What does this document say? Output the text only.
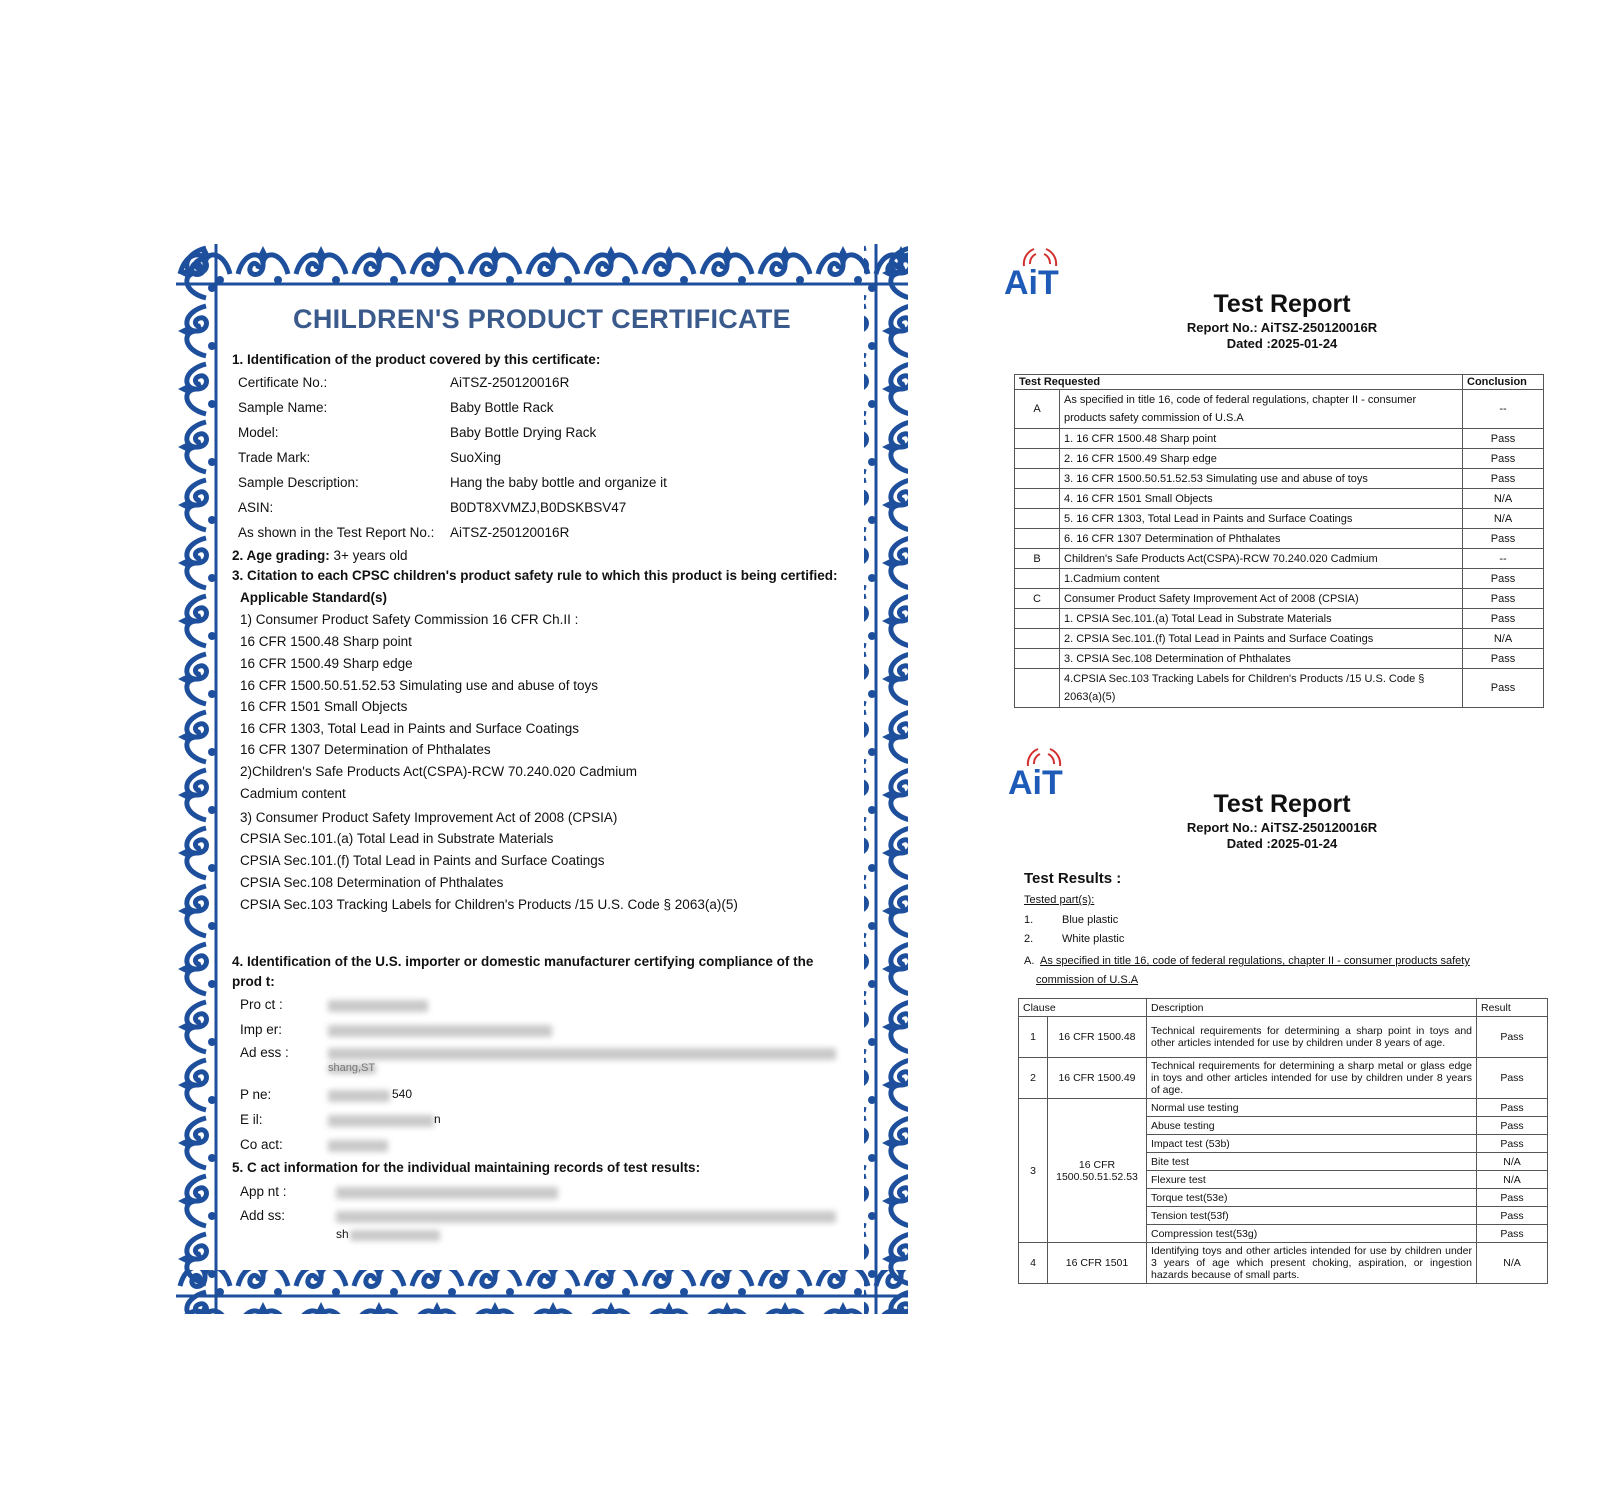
CHILDREN'S PRODUCT CERTIFICATE
1. Identification of the product covered by this certificate:
Certificate No.:	AiTSZ-250120016R
Sample Name:	Baby Bottle Rack
Model:	Baby Bottle Drying Rack
Trade Mark:	SuoXing
Sample Description:	Hang the baby bottle and organize it
ASIN:	B0DT8XVMZJ,B0DSKBSV47
As shown in the Test Report No.: AiTSZ-250120016R
2. Age grading: 3+ years old
3. Citation to each CPSC children's product safety rule to which this product is being certified:
Applicable Standard(s)
1) Consumer Product Safety Commission 16 CFR Ch.II :
16 CFR 1500.48 Sharp point
16 CFR 1500.49 Sharp edge
16 CFR 1500.50.51.52.53 Simulating use and abuse of toys
16 CFR 1501 Small Objects
16 CFR 1303, Total Lead in Paints and Surface Coatings
16 CFR 1307 Determination of Phthalates
2)Children's Safe Products Act(CSPA)-RCW 70.240.020 Cadmium
Cadmium content
3) Consumer Product Safety Improvement Act of 2008 (CPSIA)
CPSIA Sec.101.(a) Total Lead in Substrate Materials
CPSIA Sec.101.(f) Total Lead in Paints and Surface Coatings
CPSIA Sec.108 Determination of Phthalates
CPSIA Sec.103 Tracking Labels for Children's Products /15 U.S. Code § 2063(a)(5)
4. Identification of the U.S. importer or domestic manufacturer certifying compliance of the
prod t:
Pro ct :
Imp er:
Ad ess :
shang,ST
P ne:	540
E il:	n
Co act:
5. C act information for the individual maintaining records of test results:
App nt :
Add ss:
sh
AiT
Test Report
Report No.: AiTSZ-250120016R
Dated :2025-01-24
Test Requested		Conclusion
A	As specified in title 16, code of federal regulations, chapter II - consumer products safety commission of U.S.A	--
	1. 16 CFR 1500.48 Sharp point	Pass
	2. 16 CFR 1500.49 Sharp edge	Pass
	3. 16 CFR 1500.50.51.52.53 Simulating use and abuse of toys	Pass
	4. 16 CFR 1501 Small Objects	N/A
	5. 16 CFR 1303, Total Lead in Paints and Surface Coatings	N/A
	6. 16 CFR 1307 Determination of Phthalates	Pass
B	Children's Safe Products Act(CSPA)-RCW 70.240.020 Cadmium	--
	1.Cadmium content	Pass
C	Consumer Product Safety Improvement Act of 2008 (CPSIA)	Pass
	1. CPSIA Sec.101.(a) Total Lead in Substrate Materials	Pass
	2. CPSIA Sec.101.(f) Total Lead in Paints and Surface Coatings	N/A
	3. CPSIA Sec.108 Determination of Phthalates	Pass
	4.CPSIA Sec.103 Tracking Labels for Children's Products /15 U.S. Code § 2063(a)(5)	Pass
AiT
Test Report
Report No.: AiTSZ-250120016R
Dated :2025-01-24
Test Results :
Tested part(s):
1.	Blue plastic
2.	White plastic
A. As specified in title 16, code of federal regulations, chapter II - consumer products safety
commission of U.S.A
Clause		Description	Result
1	16 CFR 1500.48	Technical requirements for determining a sharp point in toys and other articles intended for use by children under 8 years of age.	Pass
2	16 CFR 1500.49	Technical requirements for determining a sharp metal or glass edge in toys and other articles intended for use by children under 8 years of age.	Pass
3	16 CFR 1500.50.51.52.53	Normal use testing	Pass
		Abuse testing	Pass
		Impact test (53b)	Pass
		Bite test	N/A
		Flexure test	N/A
		Torque test(53e)	Pass
		Tension test(53f)	Pass
		Compression test(53g)	Pass
4	16 CFR 1501	Identifying toys and other articles intended for use by children under 3 years of age which present choking, aspiration, or ingestion hazards because of small parts.	N/A
